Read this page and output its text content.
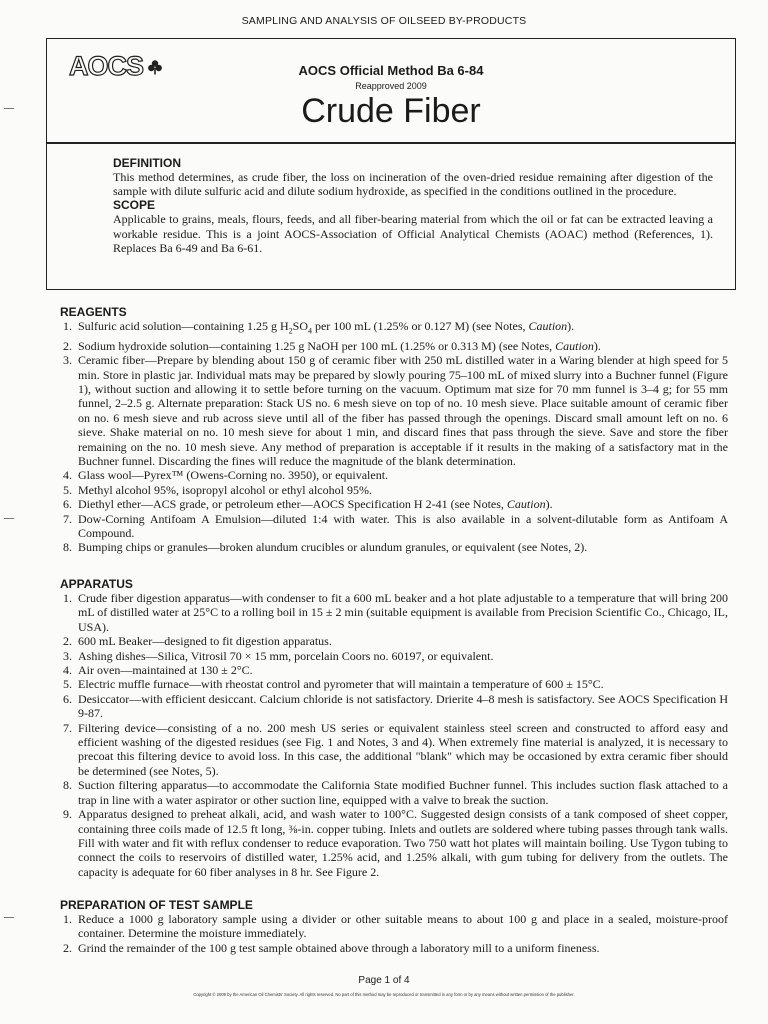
SAMPLING AND ANALYSIS OF OILSEED BY-PRODUCTS
AOCS	AOCS Official Method Ba 6-84
Reapproved 2009
Crude Fiber

DEFINITION

This method determines, as crude fiber, the loss on incineration of the oven-dried residue remaining after digestion of the sample with dilute sulfuric acid and dilute sodium hydroxide, as specified in the conditions outlined in the procedure.

SCOPE

Applicable to grains, meals, flours, feeds, and all fiber-bearing material from which the oil or fat can be extracted leaving a workable residue. This is a joint AOCS-Association of Official Analytical Chemists (AOAC) method (References, 1). Replaces Ba 6-49 and Ba 6-61.

REAGENTS

1. Sulfuric acid solution—containing 1.25 g $H_2SO_4$ per 100 mL (1.25% or 0.127 M) (see Notes, Caution).
2. Sodium hydroxide solution—containing 1.25 g NaOH per 100 mL (1.25% or 0.313 M) (see Notes, Caution).
3. Ceramic fiber—Prepare by blending about 150 g of ceramic fiber with 250 mL distilled water in a Waring blender at high speed for 5 min. Store in plastic jar. Individual mats may be prepared by slowly pouring 75–100 mL of mixed slurry into a Buchner funnel (Figure 1), without suction and allowing it to settle before turning on the vacuum. Optimum mat size for 70 mm funnel is 3–4 g; for 55 mm funnel, 2–2.5 g. Alternate preparation: Stack US no. 6 mesh sieve on top of no. 10 mesh sieve. Place suitable amount of ceramic fiber on no. 6 mesh sieve and rub across sieve until all of the fiber has passed through the openings. Discard small amount left on no. 6 sieve. Shake material on no. 10 mesh sieve for about 1 min, and discard fines that pass through the sieve. Save and store the fiber remaining on the no. 10 mesh sieve. Any method of preparation is acceptable if it results in the making of a satisfactory mat in the Buchner funnel. Discarding the fines will reduce the magnitude of the blank determination.
4. Glass wool—Pyrex™ (Owens-Corning no. 3950), or equivalent.
5. Methyl alcohol 95%, isopropyl alcohol or ethyl alcohol 95%.
6. Diethyl ether—ACS grade, or petroleum ether—AOCS Specification H 2-41 (see Notes, Caution).
7. Dow-Corning Antifoam A Emulsion—diluted 1:4 with water. This is also available in a solvent-dilutable form as Antifoam A Compound.
8. Bumping chips or granules—broken alundum crucibles or alundum granules, or equivalent (see Notes, 2).

APPARATUS

1. Crude fiber digestion apparatus—with condenser to fit a 600 mL beaker and a hot plate adjustable to a temperature that will bring 200 mL of distilled water at 25°C to a rolling boil in 15 ± 2 min (suitable equipment is available from Precision Scientific Co., Chicago, IL, USA).
2. 600 mL Beaker—designed to fit digestion apparatus.
3. Ashing dishes—Silica, Vitrosil 70 × 15 mm, porcelain Coors no. 60197, or equivalent.
4. Air oven—maintained at 130 ± 2°C.
5. Electric muffle furnace—with rheostat control and pyrometer that will maintain a temperature of 600 ± 15°C.
6. Desiccator—with efficient desiccant. Calcium chloride is not satisfactory. Drierite 4–8 mesh is satisfactory. See AOCS Specification H 9-87.
7. Filtering device—consisting of a no. 200 mesh US series or equivalent stainless steel screen and constructed to afford easy and efficient washing of the digested residues (see Fig. 1 and Notes, 3 and 4). When extremely fine material is analyzed, it is necessary to precoat this filtering device to avoid loss. In this case, the additional "blank" which may be occasioned by extra ceramic fiber should be determined (see Notes, 5).
8. Suction filtering apparatus—to accommodate the California State modified Buchner funnel. This includes suction flask attached to a trap in line with a water aspirator or other suction line, equipped with a valve to break the suction.
9. Apparatus designed to preheat alkali, acid, and wash water to 100°C. Suggested design consists of a tank composed of sheet copper, containing three coils made of 12.5 ft long, ⅜-in. copper tubing. Inlets and outlets are soldered where tubing passes through tank walls. Fill with water and fit with reflux condenser to reduce evaporation. Two 750 watt hot plates will maintain boiling. Use Tygon tubing to connect the coils to reservoirs of distilled water, 1.25% acid, and 1.25% alkali, with gum tubing for delivery from the outlets. The capacity is adequate for 60 fiber analyses in 8 hr. See Figure 2.

PREPARATION OF TEST SAMPLE

1. Reduce a 1000 g laboratory sample using a divider or other suitable means to about 100 g and place in a sealed, moisture-proof container. Determine the moisture immediately.
2. Grind the remainder of the 100 g test sample obtained above through a laboratory mill to a uniform fineness.
Page 1 of 4
Copyright © 2009 by the American Oil Chemists' Society. All rights reserved. No part of this method may be reproduced or transmitted in any form or by any means without written permission of the publisher.
